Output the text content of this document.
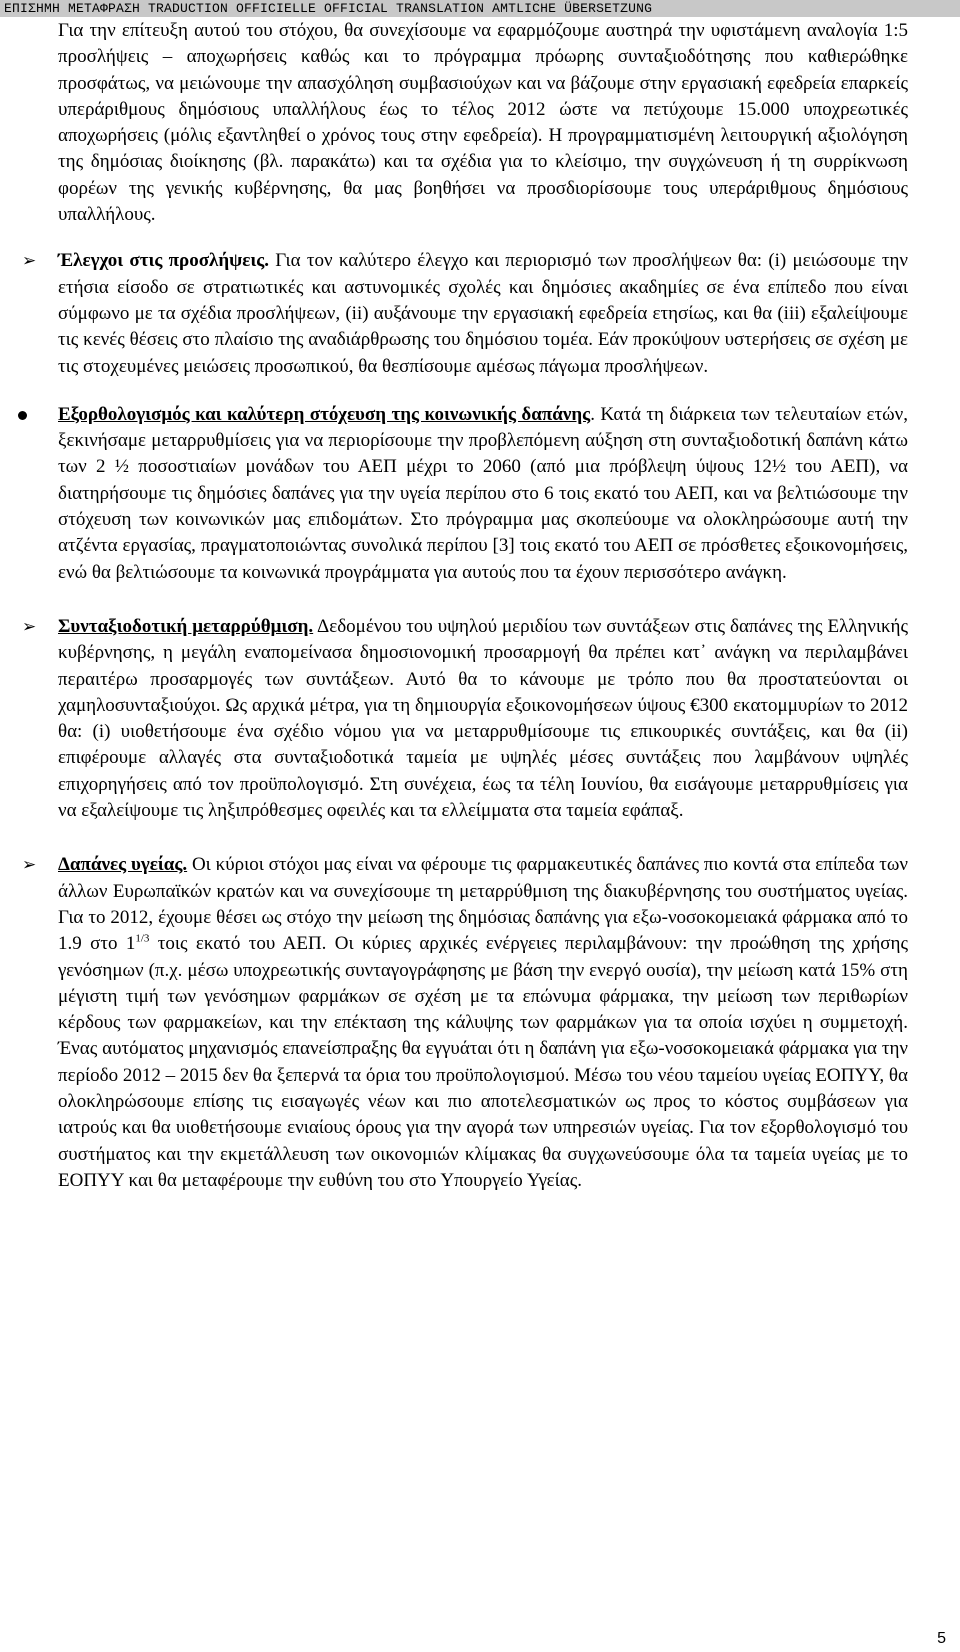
ΕΠΙΣΗΜΗ ΜΕΤΑΦΡΑΣΗ TRADUCTION OFFICIELLE OFFICIAL TRANSLATION AMTLICHE ÜBERSETZUNG

Για την επίτευξη αυτού του στόχου, θα συνεχίσουμε να εφαρμόζουμε αυστηρά την υφιστάμενη αναλογία 1:5 προσλήψεις – αποχωρήσεις καθώς και το πρόγραμμα πρόωρης συνταξιοδότησης που καθιερώθηκε προσφάτως, να μειώνουμε την απασχόληση συμβασιούχων και να βάζουμε στην εργασιακή εφεδρεία επαρκείς υπεράριθμους δημόσιους υπαλλήλους έως το τέλος 2012 ώστε να πετύχουμε 15.000 υποχρεωτικές αποχωρήσεις (μόλις εξαντληθεί ο χρόνος τους στην εφεδρεία). Η προγραμματισμένη λειτουργική αξιολόγηση της δημόσιας διοίκησης (βλ. παρακάτω) και τα σχέδια για το κλείσιμο, την συγχώνευση ή τη συρρίκνωση φορέων της γενικής κυβέρνησης, θα μας βοηθήσει να προσδιορίσουμε τους υπεράριθμους δημόσιους υπαλλήλους.

➢ Έλεγχοι στις προσλήψεις. Για τον καλύτερο έλεγχο και περιορισμό των προσλήψεων θα: (i) μειώσουμε την ετήσια είσοδο σε στρατιωτικές και αστυνομικές σχολές και δημόσιες ακαδημίες σε ένα επίπεδο που είναι σύμφωνο με τα σχέδια προσλήψεων, (ii) αυξάνουμε την εργασιακή εφεδρεία ετησίως, και θα (iii) εξαλείψουμε τις κενές θέσεις στο πλαίσιο της αναδιάρθρωσης του δημόσιου τομέα. Εάν προκύψουν υστερήσεις σε σχέση με τις στοχευμένες μειώσεις προσωπικού, θα θεσπίσουμε αμέσως πάγωμα προσλήψεων.

Εξορθολογισμός και καλύτερη στόχευση της κοινωνικής δαπάνης. Κατά τη διάρκεια των τελευταίων ετών, ξεκινήσαμε μεταρρυθμίσεις για να περιορίσουμε την προβλεπόμενη αύξηση στη συνταξιοδοτική δαπάνη κάτω των 2 ½ ποσοστιαίων μονάδων του ΑΕΠ μέχρι το 2060 (από μια πρόβλεψη ύψους 12½ του ΑΕΠ), να διατηρήσουμε τις δημόσιες δαπάνες για την υγεία περίπου στο 6 τοις εκατό του ΑΕΠ, και να βελτιώσουμε την στόχευση των κοινωνικών μας επιδομάτων. Στο πρόγραμμα μας σκοπεύουμε να ολοκληρώσουμε αυτή την ατζέντα εργασίας, πραγματοποιώντας συνολικά περίπου [3] τοις εκατό του ΑΕΠ σε πρόσθετες εξοικονομήσεις, ενώ θα βελτιώσουμε τα κοινωνικά προγράμματα για αυτούς που τα έχουν περισσότερο ανάγκη.

➢ Συνταξιοδοτική μεταρρύθμιση. Δεδομένου του υψηλού μεριδίου των συντάξεων στις δαπάνες της Ελληνικής κυβέρνησης, η μεγάλη εναπομείνασα δημοσιονομική προσαρμογή θα πρέπει κατ᾽ ανάγκη να περιλαμβάνει περαιτέρω προσαρμογές των συντάξεων. Αυτό θα το κάνουμε με τρόπο που θα προστατεύονται οι χαμηλοσυνταξιούχοι. Ως αρχικά μέτρα, για τη δημιουργία εξοικονομήσεων ύψους €300 εκατομμυρίων το 2012 θα: (i) υιοθετήσουμε ένα σχέδιο νόμου για να μεταρρυθμίσουμε τις επικουρικές συντάξεις, και θα (ii) επιφέρουμε αλλαγές στα συνταξιοδοτικά ταμεία με υψηλές μέσες συντάξεις που λαμβάνουν υψηλές επιχορηγήσεις από τον προϋπολογισμό. Στη συνέχεια, έως τα τέλη Ιουνίου, θα εισάγουμε μεταρρυθμίσεις για να εξαλείψουμε τις ληξιπρόθεσμες οφειλές και τα ελλείμματα στα ταμεία εφάπαξ.

➢ Δαπάνες υγείας. Οι κύριοι στόχοι μας είναι να φέρουμε τις φαρμακευτικές δαπάνες πιο κοντά στα επίπεδα των άλλων Ευρωπαϊκών κρατών και να συνεχίσουμε τη μεταρρύθμιση της διακυβέρνησης του συστήματος υγείας. Για το 2012, έχουμε θέσει ως στόχο την μείωση της δημόσιας δαπάνης για εξω-νοσοκομειακά φάρμακα από το 1.9 στο $1^{1/3}$ τοις εκατό του ΑΕΠ. Οι κύριες αρχικές ενέργειες περιλαμβάνουν: την προώθηση της χρήσης γενόσημων (π.χ. μέσω υποχρεωτικής συνταγογράφησης με βάση την ενεργό ουσία), την μείωση κατά 15% στη μέγιστη τιμή των γενόσημων φαρμάκων σε σχέση με τα επώνυμα φάρμακα, την μείωση των περιθωρίων κέρδους των φαρμακείων, και την επέκταση της κάλυψης των φαρμάκων για τα οποία ισχύει η συμμετοχή. Ένας αυτόματος μηχανισμός επανείσπραξης θα εγγυάται ότι η δαπάνη για εξω-νοσοκομειακά φάρμακα για την περίοδο 2012 – 2015 δεν θα ξεπερνά τα όρια του προϋπολογισμού. Μέσω του νέου ταμείου υγείας ΕΟΠΥΥ, θα ολοκληρώσουμε επίσης τις εισαγωγές νέων και πιο αποτελεσματικών ως προς το κόστος συμβάσεων για ιατρούς και θα υιοθετήσουμε ενιαίους όρους για την αγορά των υπηρεσιών υγείας. Για τον εξορθολογισμό του συστήματος και την εκμετάλλευση των οικονομιών κλίμακας θα συγχωνεύσουμε όλα τα ταμεία υγείας με το ΕΟΠΥΥ και θα μεταφέρουμε την ευθύνη του στο Υπουργείο Υγείας.

5
